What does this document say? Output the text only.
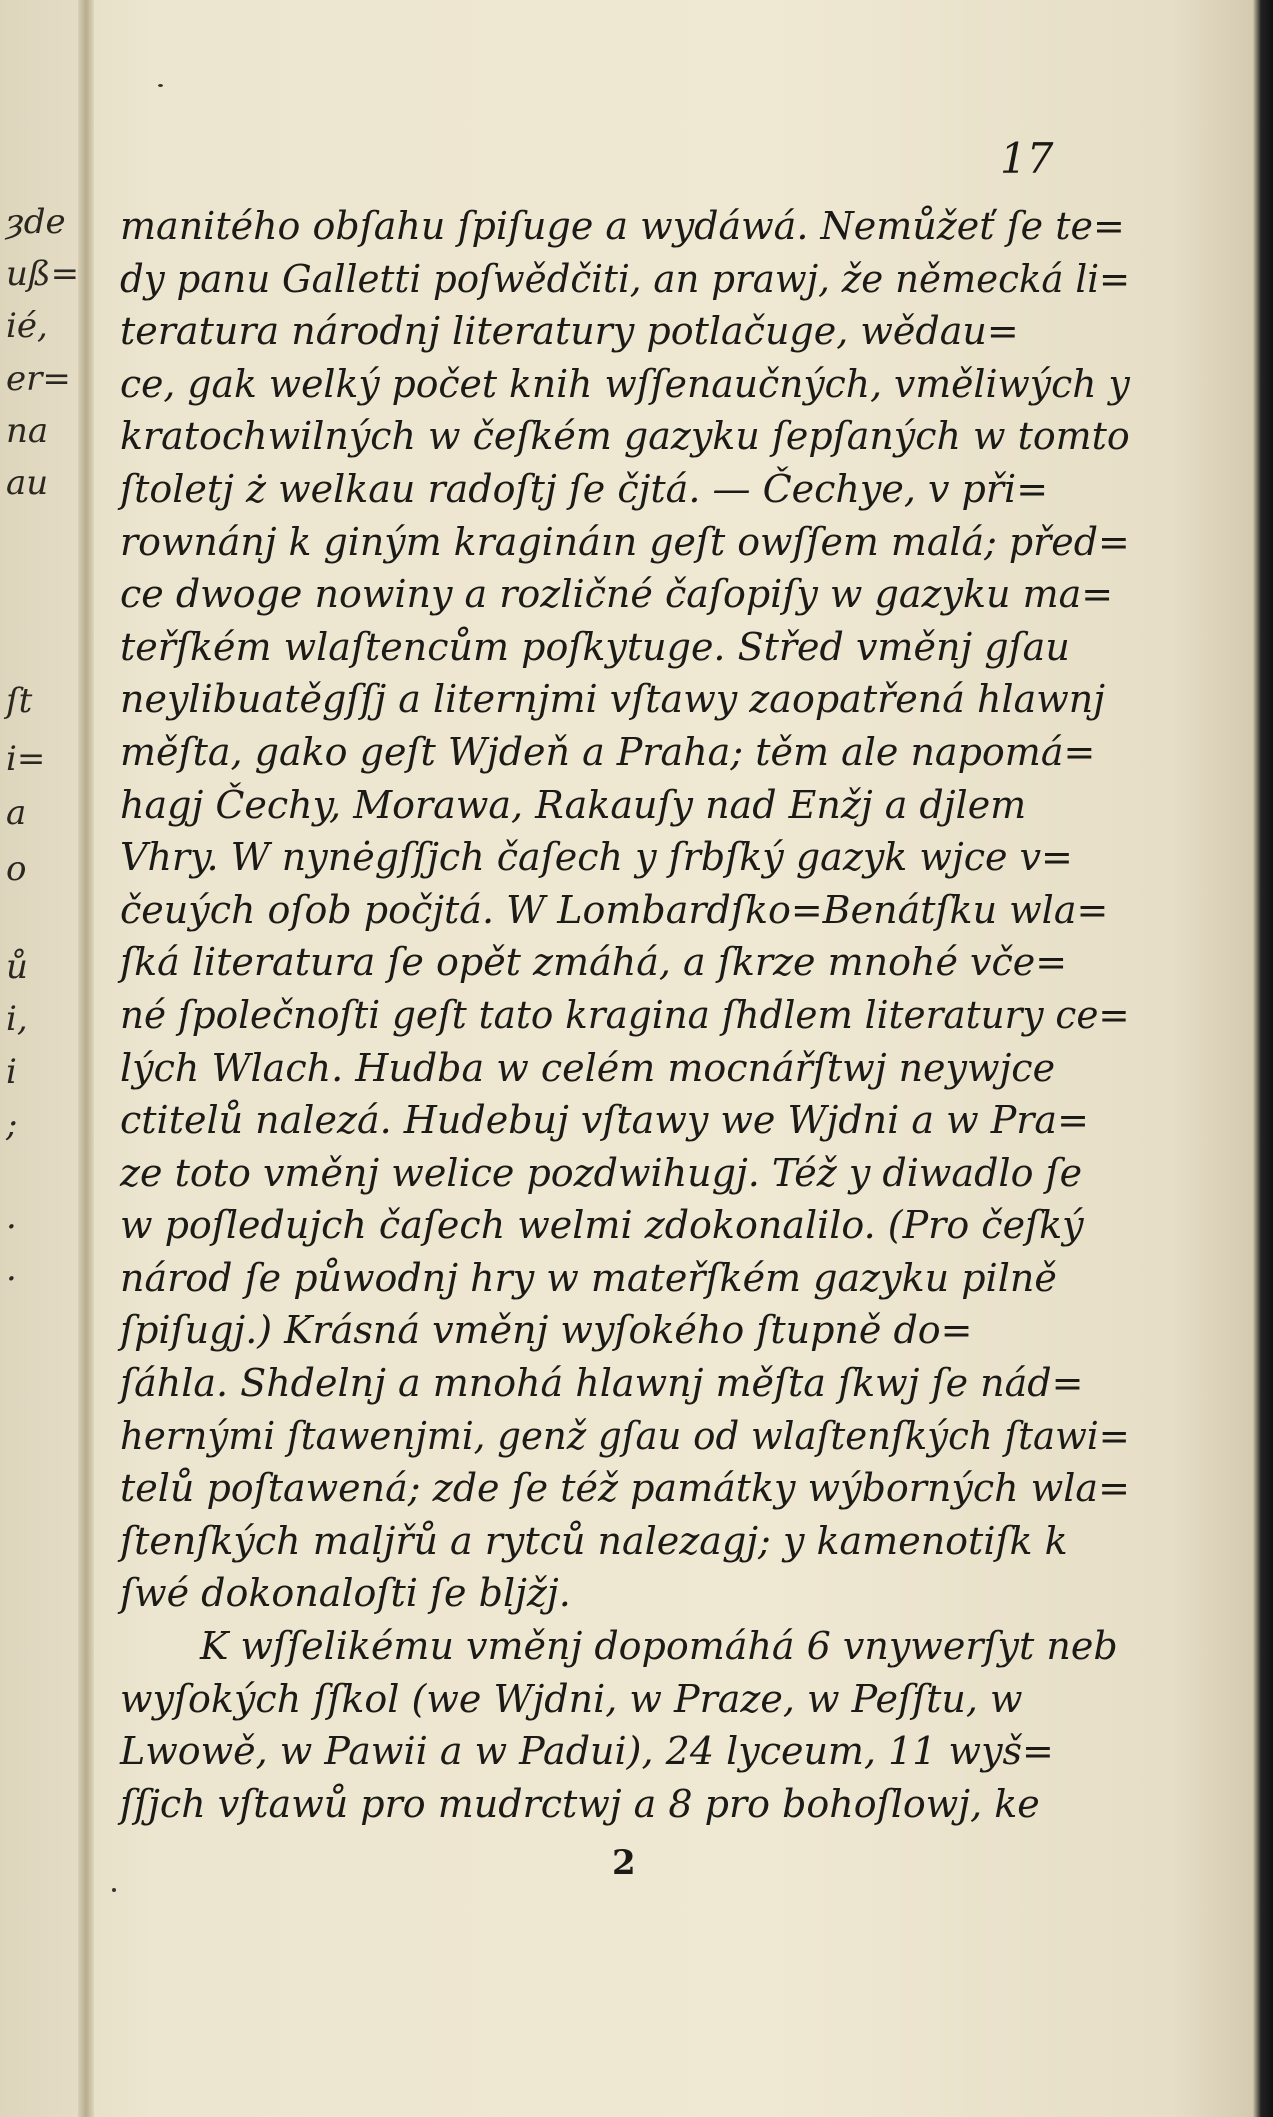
ȝde
uß=
ié,
er=
na
au
ſt
i=
a
o
ů
i,
i
;
·
·
17
manitého obſahu ſpiſuge a wydáwá. Nemůžeť ſe te=
dy panu Galletti poſwědčiti, an prawj, že německá li=
teratura národnj literatury potlačuge, wědau=
ce, gak welký počet knih wſſenaučných, vměliwých y
kratochwilných w čeſkém gazyku ſepſaných w tomto
ſtoletj ż welkau radoſtj ſe čjtá. — Čechye, v při=
rownánj k giným kragináın geſt owſſem malá; před=
ce dwoge nowiny a rozličné čaſopiſy w gazyku ma=
teřſkém wlaſtencům poſkytuge. Střed vměnj gſau
neylibuatěgſſj a liternjmi vſtawy zaopatřená hlawnj
měſta, gako geſt Wjdeň a Praha; těm ale napomá=
hagj Čechy, Morawa, Rakauſy nad Enžj a djlem
Vhry. W nynėgſſjch čaſech y ſrbſký gazyk wjce v=
čeuých oſob počjtá. W Lombardſko=Benátſku wla=
ſká literatura ſe opět zmáhá, a ſkrze mnohé vče=
né ſpolečnoſti geſt tato kragina ſhdlem literatury ce=
lých Wlach. Hudba w celém mocnářſtwj neywjce
ctitelů nalezá. Hudebuj vſtawy we Wjdni a w Pra=
ze toto vměnj welice pozdwihugj. Též y diwadlo ſe
w poſledujch čaſech welmi zdokonalilo. (Pro čeſký
národ ſe půwodnj hry w mateřſkém gazyku pilně
ſpiſugj.) Krásná vměnj wyſokého ſtupně do=
ſáhla. Shdelnj a mnohá hlawnj měſta ſkwj ſe nád=
hernými ſtawenjmi, genž gſau od wlaſtenſkých ſtawi=
telů poſtawená; zde ſe též památky wýborných wla=
ſtenſkých maljřů a rytců nalezagj; y kamenotiſk k
ſwé dokonaloſti ſe bljžj.
K wſſelikému vměnj dopomáhá 6 vnywerſyt neb
wyſokých ſſkol (we Wjdni, w Praze, w Peſſtu, w
Lwowě, w Pawii a w Padui), 24 lyceum, 11 wyš=
ſſjch vſtawů pro mudrctwj a 8 pro bohoſlowj, ke
2
